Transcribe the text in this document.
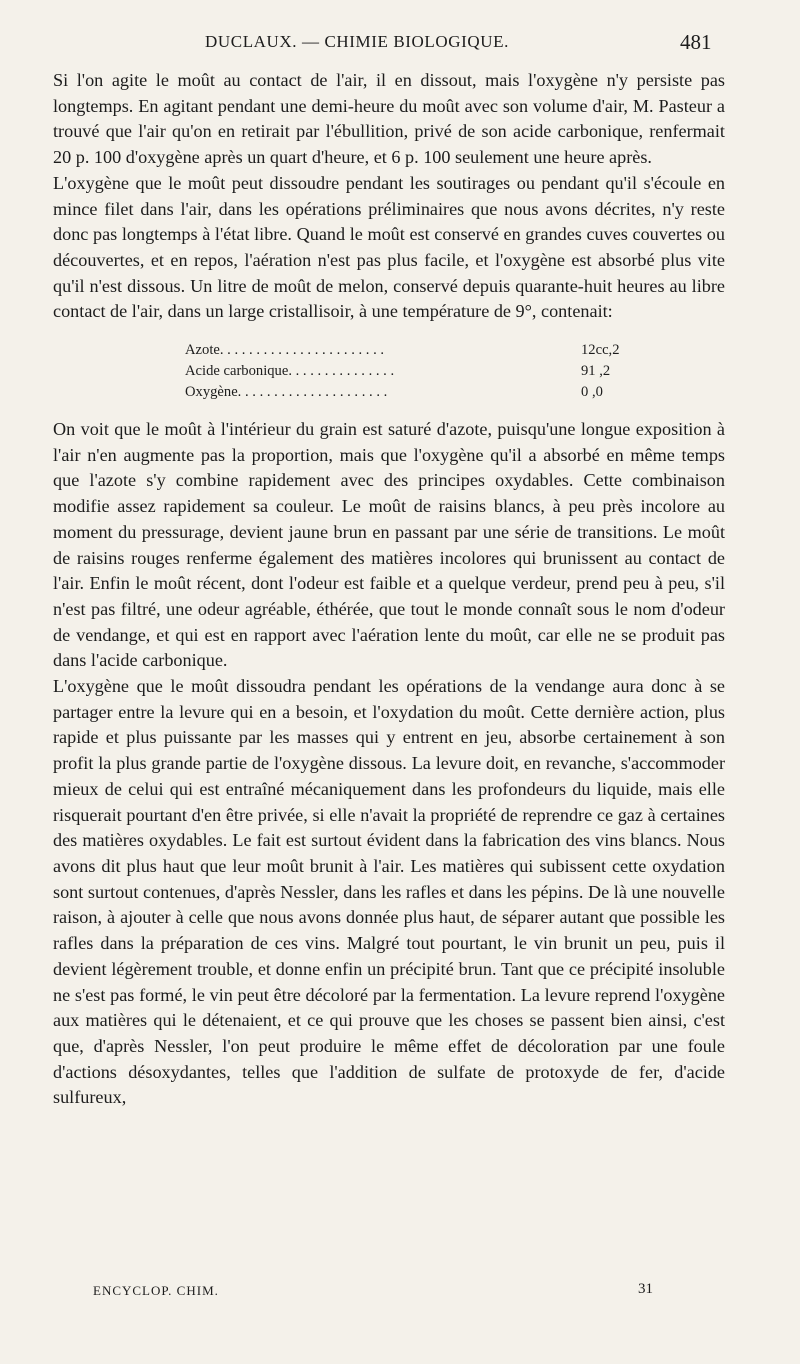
DUCLAUX. — CHIMIE BIOLOGIQUE.	481

Si l'on agite le moût au contact de l'air, il en dissout, mais l'oxygène n'y persiste pas longtemps. En agitant pendant une demi-heure du moût avec son volume d'air, M. Pasteur a trouvé que l'air qu'on en retirait par l'ébullition, privé de son acide carbonique, renfermait 20 p. 100 d'oxygène après un quart d'heure, et 6 p. 100 seulement une heure après.

L'oxygène que le moût peut dissoudre pendant les soutirages ou pendant qu'il s'écoule en mince filet dans l'air, dans les opérations préliminaires que nous avons décrites, n'y reste donc pas longtemps à l'état libre. Quand le moût est conservé en grandes cuves couvertes ou découvertes, et en repos, l'aération n'est pas plus facile, et l'oxygène est absorbé plus vite qu'il n'est dissous. Un litre de moût de melon, conservé depuis quarante-huit heures au libre contact de l'air, dans un large cristallisoir, à une température de 9°, contenait:

Azote. . . . . . . . . . . . . . . . . . . . . . .	12cc,2
Acide carbonique. . . . . . . . . . . . . . .	91 ,2
Oxygène. . . . . . . . . . . . . . . . . . . . .	0 ,0

On voit que le moût à l'intérieur du grain est saturé d'azote, puisqu'une longue exposition à l'air n'en augmente pas la proportion, mais que l'oxygène qu'il a absorbé en même temps que l'azote s'y combine rapidement avec des principes oxydables. Cette combinaison modifie assez rapidement sa couleur. Le moût de raisins blancs, à peu près incolore au moment du pressurage, devient jaune brun en passant par une série de transitions. Le moût de raisins rouges renferme également des matières incolores qui brunissent au contact de l'air. Enfin le moût récent, dont l'odeur est faible et a quelque verdeur, prend peu à peu, s'il n'est pas filtré, une odeur agréable, éthérée, que tout le monde connaît sous le nom d'odeur de vendange, et qui est en rapport avec l'aération lente du moût, car elle ne se produit pas dans l'acide carbonique.

L'oxygène que le moût dissoudra pendant les opérations de la vendange aura donc à se partager entre la levure qui en a besoin, et l'oxydation du moût. Cette dernière action, plus rapide et plus puissante par les masses qui y entrent en jeu, absorbe certainement à son profit la plus grande partie de l'oxygène dissous. La levure doit, en revanche, s'accommoder mieux de celui qui est entraîné mécaniquement dans les profondeurs du liquide, mais elle risquerait pourtant d'en être privée, si elle n'avait la propriété de reprendre ce gaz à certaines des matières oxydables. Le fait est surtout évident dans la fabrication des vins blancs. Nous avons dit plus haut que leur moût brunit à l'air. Les matières qui subissent cette oxydation sont surtout contenues, d'après Nessler, dans les rafles et dans les pépins. De là une nouvelle raison, à ajouter à celle que nous avons donnée plus haut, de séparer autant que possible les rafles dans la préparation de ces vins. Malgré tout pourtant, le vin brunit un peu, puis il devient légèrement trouble, et donne enfin un précipité brun. Tant que ce précipité insoluble ne s'est pas formé, le vin peut être décoloré par la fermentation. La levure reprend l'oxygène aux matières qui le détenaient, et ce qui prouve que les choses se passent bien ainsi, c'est que, d'après Nessler, l'on peut produire le même effet de décoloration par une foule d'actions désoxydantes, telles que l'addition de sulfate de protoxyde de fer, d'acide sulfureux,

ENCYCLOP. CHIM.	31
